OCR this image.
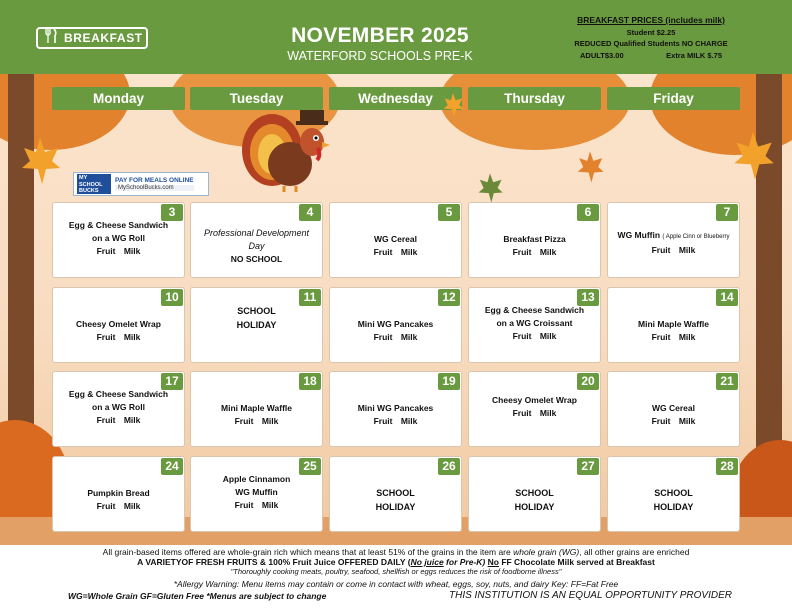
BREAKFAST	NOVEMBER 2025
WATERFORD SCHOOLS PRE-K
BREAKFAST PRICES (includes milk)
Student $2.25
REDUCED Qualified Students NO CHARGE
ADULT$3.00	Extra MILK $.75
Monday	Tuesday	Wednesday	Thursday	Friday
MY SCHOOL BUCKS
PAY FOR MEALS ONLINE
MySchoolBucks.com
3
Egg & Cheese Sandwich
on a WG Roll
Fruit Milk
4
Professional Development
Day
NO SCHOOL
5
WG Cereal
Fruit Milk
6
Breakfast Pizza
Fruit Milk
7
WG Muffin ( Apple Cinn or Blueberry
Fruit Milk
10
Cheesy Omelet Wrap
Fruit Milk
11
SCHOOL
HOLIDAY
12
Mini WG Pancakes
Fruit Milk
13
Egg & Cheese Sandwich
on a WG Croissant
Fruit Milk
14
Mini Maple Waffle
Fruit Milk
17
Egg & Cheese Sandwich
on a WG Roll
Fruit Milk
18
Mini Maple Waffle
Fruit Milk
19
Mini WG Pancakes
Fruit Milk
20
Cheesy Omelet Wrap
Fruit Milk
21
WG Cereal
Fruit Milk
24
Pumpkin Bread
Fruit Milk
25
Apple Cinnamon
WG Muffin
Fruit Milk
26
SCHOOL
HOLIDAY
27
SCHOOL
HOLIDAY
28
SCHOOL
HOLIDAY
All grain-based items offered are whole-grain rich which means that at least 51% of the grains in the item are whole grain (WG), all other grains are enriched
A VARIETYOF FRESH FRUITS & 100% Fruit Juice OFFERED DAILY (No juice for Pre-K) No FF Chocolate Milk served at Breakfast
"Thoroughly cooking meats, poultry, seafood, shellfish or eggs reduces the risk of foodborne illness"
*Allergy Warning: Menu items may contain or come in contact with wheat, eggs, soy, nuts, and dairy Key: FF=Fat Free
WG=Whole Grain GF=Gluten Free *Menus are subject to change	THIS INSTITUTION IS AN EQUAL OPPORTUNITY PROVIDER
